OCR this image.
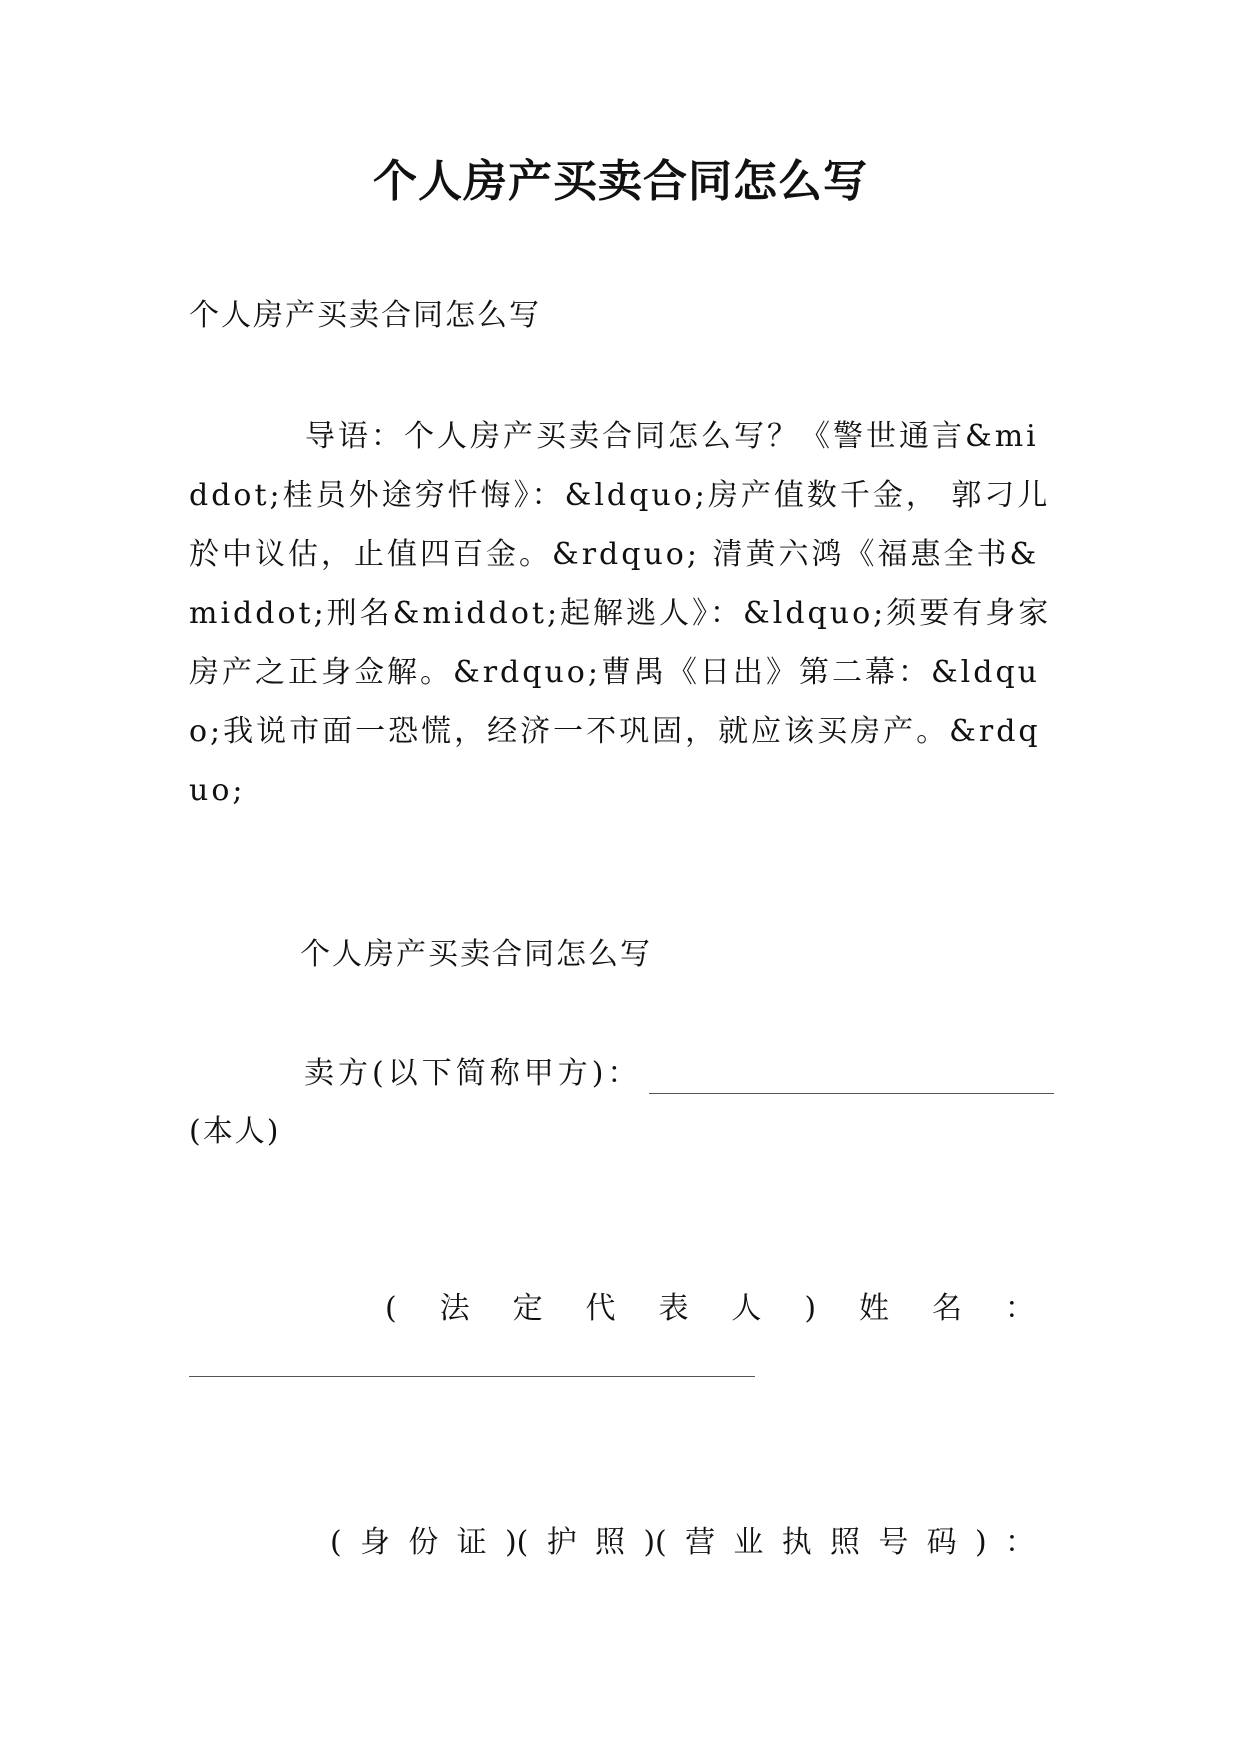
个人房产买卖合同怎么写
个人房产买卖合同怎么写
导语：个人房产买卖合同怎么写？《警世通言&middot;桂员外途穷忏悔》：&ldquo;房产值数千金， 郭刁儿 於中议估，止值四百金。&rdquo; 清黄六鸿《福惠全书&middot;刑名&middot;起解逃人》：&ldquo;须要有身家房产之正身佥解。&rdquo;曹禺《日出》第二幕：&ldquo;我说市面一恐慌，经济一不巩固，就应该买房产。&rdquo;
个人房产买卖合同怎么写
卖方(以下简称甲方)：
(本人)
( 法 定 代 表 人 ) 姓 名 ：
( 身 份 证 )( 护 照 )( 营 业 执 照 号 码 ) ：
